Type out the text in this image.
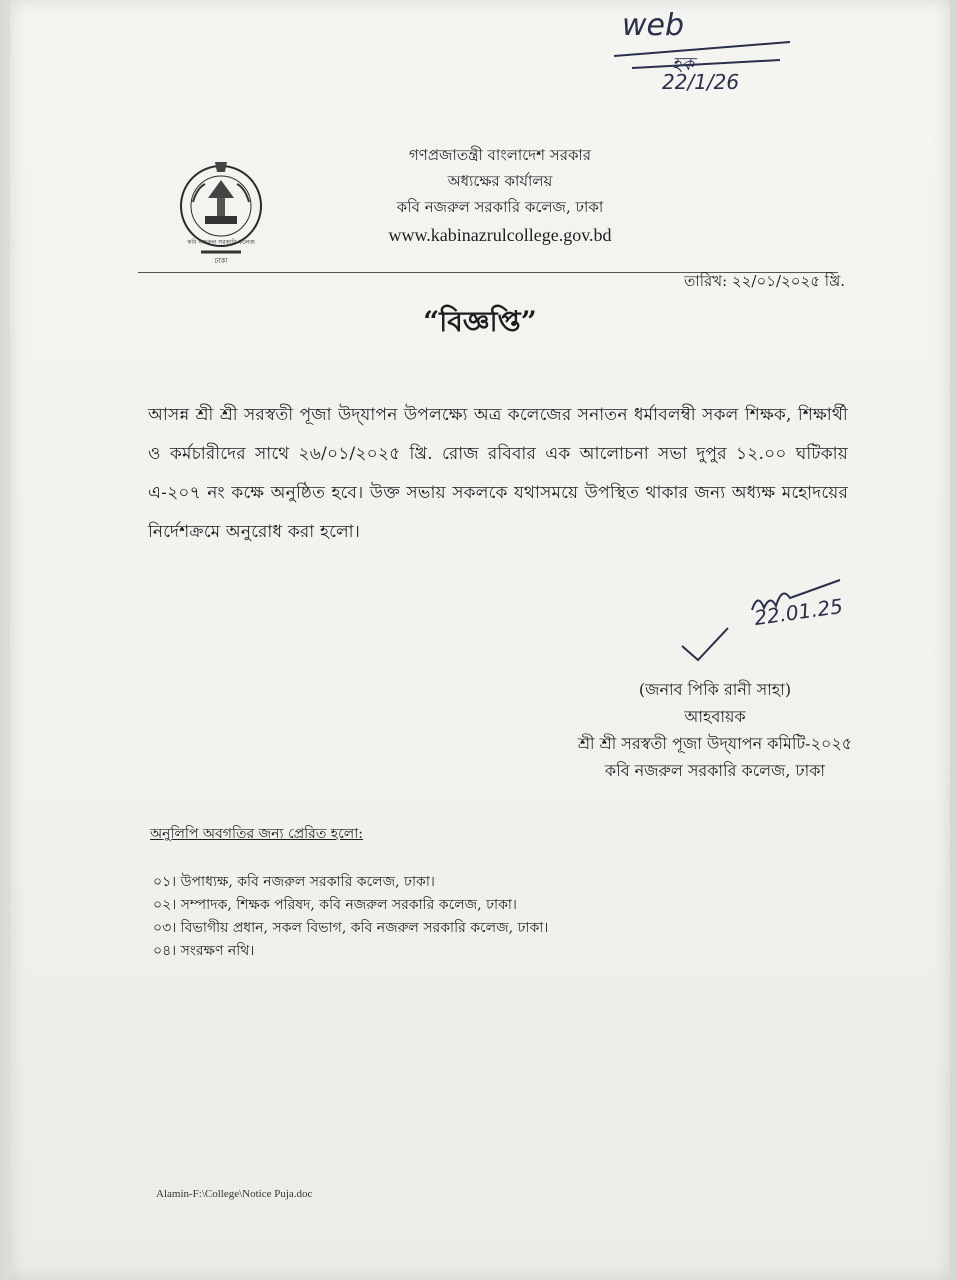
web
হক
22/1/26
কবি নজরুল সরকারি কলেজ
ঢাকা
গণপ্রজাতন্ত্রী বাংলাদেশ সরকার
অধ্যক্ষের কার্যালয়
কবি নজরুল সরকারি কলেজ, ঢাকা
www.kabinazrulcollege.gov.bd
তারিখ: ২২/০১/২০২৫ খ্রি.
“বিজ্ঞপ্তি”
আসন্ন শ্রী শ্রী সরস্বতী পূজা উদ্‌যাপন উপলক্ষ্যে অত্র কলেজের সনাতন ধর্মাবলম্বী সকল শিক্ষক, শিক্ষার্থী ও কর্মচারীদের সাথে ২৬/০১/২০২৫ খ্রি. রোজ রবিবার এক আলোচনা সভা দুপুর ১২.০০ ঘটিকায় এ-২০৭ নং কক্ষে অনুষ্ঠিত হবে। উক্ত সভায় সকলকে যথাসময়ে উপস্থিত থাকার জন্য অধ্যক্ষ মহোদয়ের নির্দেশক্রমে অনুরোধ করা হলো।
22.01.25
(জনাব পিকি রানী সাহা)
আহবায়ক
শ্রী শ্রী সরস্বতী পূজা উদ্‌যাপন কমিটি-২০২৫
কবি নজরুল সরকারি কলেজ, ঢাকা
অনুলিপি অবগতির জন্য প্রেরিত হলো:
০১। উপাধ্যক্ষ, কবি নজরুল সরকারি কলেজ, ঢাকা।
০২। সম্পাদক, শিক্ষক পরিষদ, কবি নজরুল সরকারি কলেজ, ঢাকা।
০৩। বিভাগীয় প্রধান, সকল বিভাগ, কবি নজরুল সরকারি কলেজ, ঢাকা।
০৪। সংরক্ষণ নথি।
Alamin-F:\College\Notice Puja.doc
